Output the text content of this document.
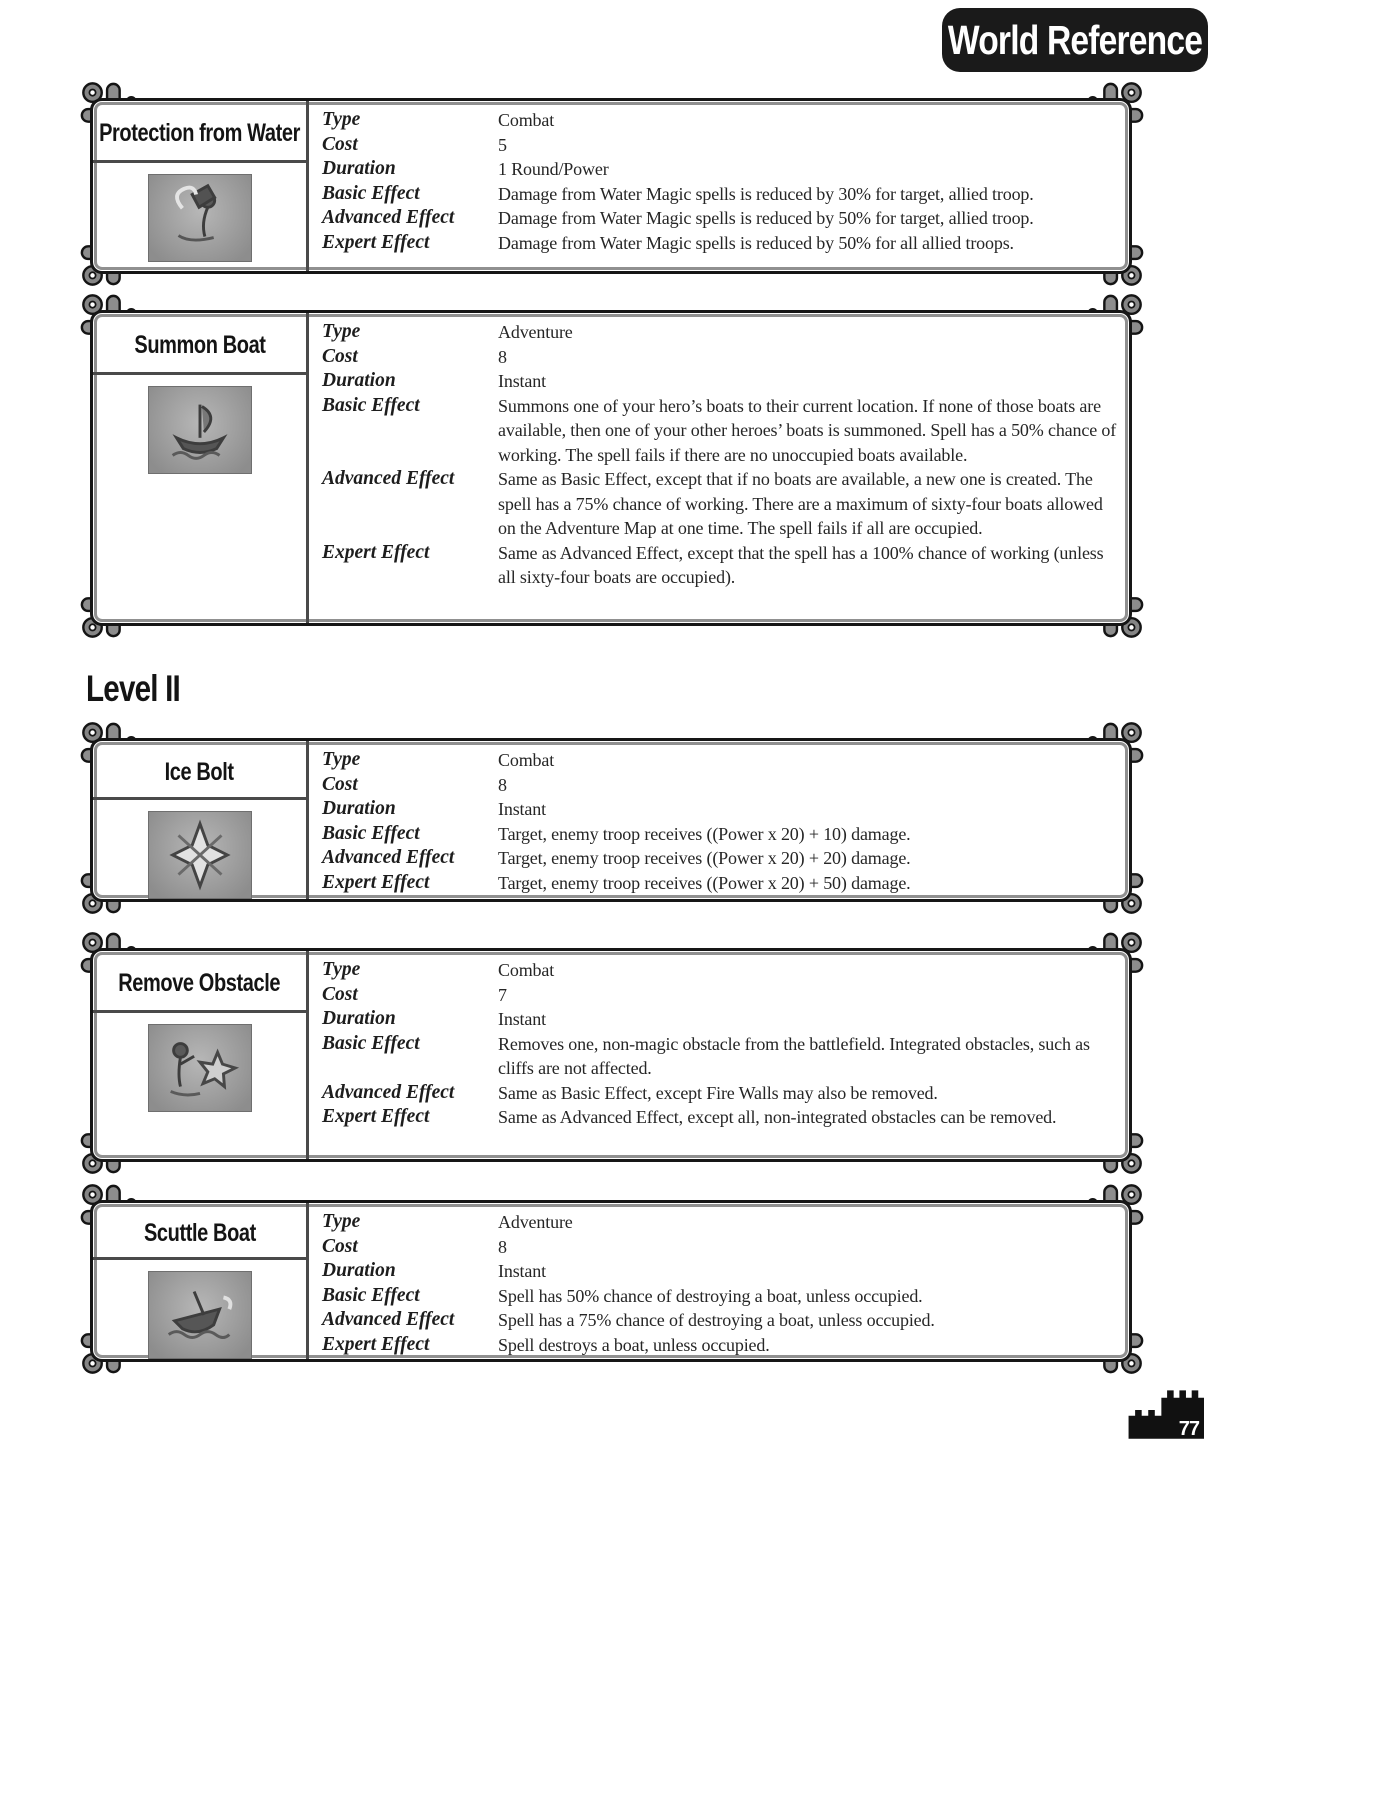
World Reference
Protection from Water Type	Combat
Cost	5
Duration	1 Round/Power
Basic Effect	Damage from Water Magic spells is reduced by 30% for target, allied troop.
Advanced Effect	Damage from Water Magic spells is reduced by 50% for target, allied troop.
Expert Effect	Damage from Water Magic spells is reduced by 50% for all allied troops.
Summon Boat	Type	Adventure
Cost	8
Duration	Instant
Basic Effect	Summons one of your hero’s boats to their current location. If none of those boats are available, then one of your other heroes’ boats is summoned. Spell has a 50% chance of working. The spell fails if there are no unoccupied boats available.
Advanced Effect	Same as Basic Effect, except that if no boats are available, a new one is created. The spell has a 75% chance of working. There are a maximum of sixty-four boats allowed on the Adventure Map at one time. The spell fails if all are occupied.
Expert Effect	Same as Advanced Effect, except that the spell has a 100% chance of working (unless all sixty-four boats are occupied).
Level II
Ice Bolt	Type	Combat
Cost	8
Duration	Instant
Basic Effect	Target, enemy troop receives ((Power x 20) + 10) damage.
Advanced Effect	Target, enemy troop receives ((Power x 20) + 20) damage.
Expert Effect	Target, enemy troop receives ((Power x 20) + 50) damage.
Remove Obstacle Type	Combat
Cost	7
Duration	Instant
Basic Effect	Removes one, non-magic obstacle from the battlefield. Integrated obstacles, such as cliffs are not affected.
Advanced Effect	Same as Basic Effect, except Fire Walls may also be removed.
Expert Effect	Same as Advanced Effect, except all, non-integrated obstacles can be removed.
Scuttle Boat	Type	Adventure
Cost	8
Duration	Instant
Basic Effect	Spell has 50% chance of destroying a boat, unless occupied.
Advanced Effect	Spell has a 75% chance of destroying a boat, unless occupied.
Expert Effect	Spell destroys a boat, unless occupied.
77
